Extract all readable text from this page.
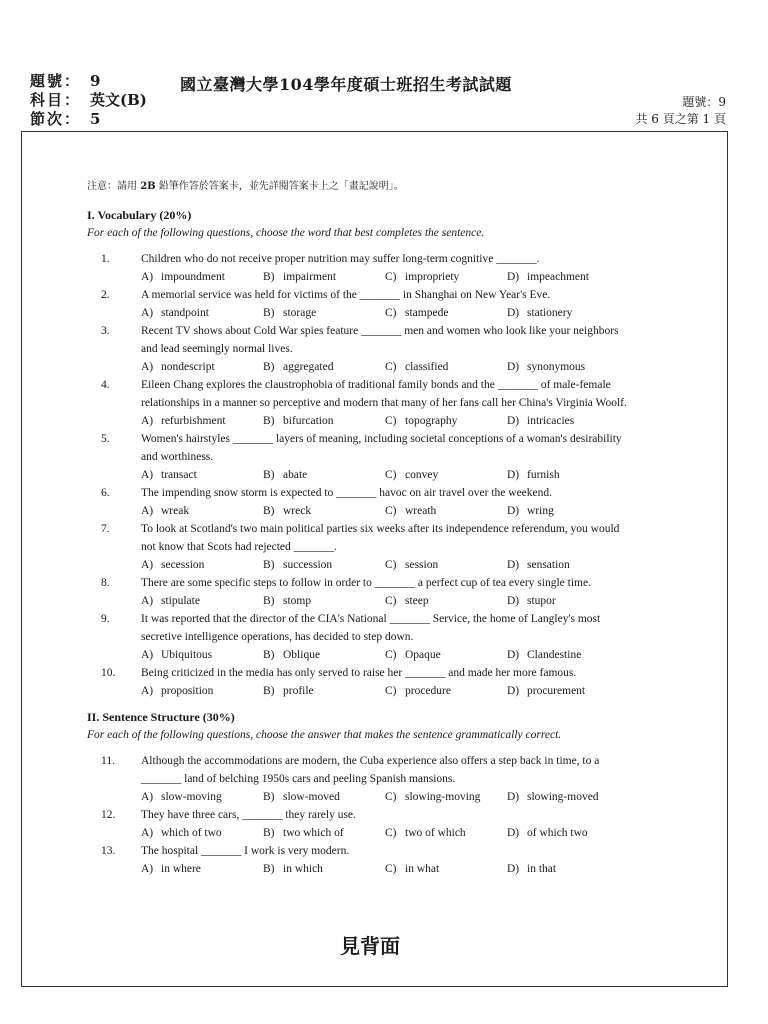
題號： 9
科目： 英文(B)
節次： 5
國立臺灣大學104學年度碩士班招生考試試題
題號：9
共 6 頁之第 1 頁
注意：請用 2B 鉛筆作答於答案卡，並先詳閱答案卡上之「畫記說明」。
I. Vocabulary (20%)
For each of the following questions, choose the word that best completes the sentence.
1.	Children who do not receive proper nutrition may suffer long-term cognitive _______.
A) impoundment	B) impairment	C) impropriety	D) impeachment
2.	A memorial service was held for victims of the _______ in Shanghai on New Year's Eve.
A) standpoint	B) storage	C) stampede	D) stationery
3.	Recent TV shows about Cold War spies feature _______ men and women who look like your neighbors and lead seemingly normal lives.
A) nondescript	B) aggregated	C) classified	D) synonymous
4.	Eileen Chang explores the claustrophobia of traditional family bonds and the _______ of male-female relationships in a manner so perceptive and modern that many of her fans call her China's Virginia Woolf.
A) refurbishment	B) bifurcation	C) topography	D) intricacies
5.	Women's hairstyles _______ layers of meaning, including societal conceptions of a woman's desirability and worthiness.
A) transact	B) abate	C) convey	D) furnish
6.	The impending snow storm is expected to _______ havoc on air travel over the weekend.
A) wreak	B) wreck	C) wreath	D) wring
7.	To look at Scotland's two main political parties six weeks after its independence referendum, you would not know that Scots had rejected _______.
A) secession	B) succession	C) session	D) sensation
8.	There are some specific steps to follow in order to _______ a perfect cup of tea every single time.
A) stipulate	B) stomp	C) steep	D) stupor
9.	It was reported that the director of the CIA's National _______ Service, the home of Langley's most secretive intelligence operations, has decided to step down.
A) Ubiquitous	B) Oblique	C) Opaque	D) Clandestine
10.	Being criticized in the media has only served to raise her _______ and made her more famous.
A) proposition	B) profile	C) procedure	D) procurement
II. Sentence Structure (30%)
For each of the following questions, choose the answer that makes the sentence grammatically correct.
11.	Although the accommodations are modern, the Cuba experience also offers a step back in time, to a _______ land of belching 1950s cars and peeling Spanish mansions.
A) slow-moving	B) slow-moved	C) slowing-moving D) slowing-moved
12.	They have three cars, _______ they rarely use.
A) which of two	B) two which of	C) two of which	D) of which two
13.	The hospital _______ I work is very modern.
A) in where	B) in which	C) in what	D) in that
見背面
